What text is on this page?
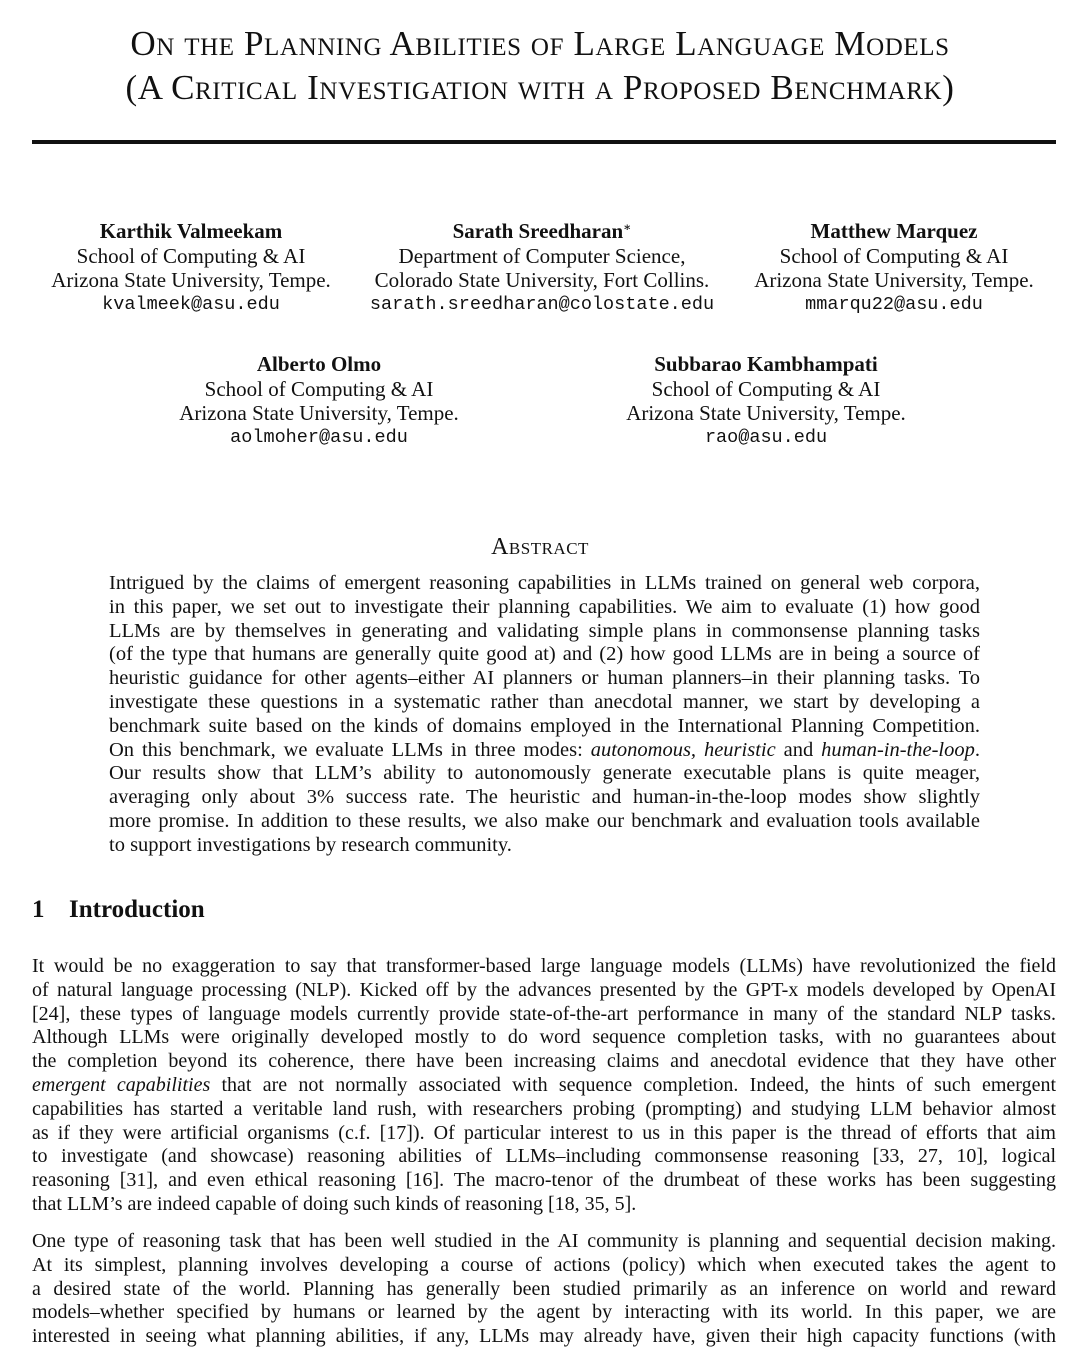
On the Planning Abilities of Large Language Models
(A Critical Investigation with a Proposed Benchmark)
Karthik Valmeekam
School of Computing & AI
Arizona State University, Tempe.
kvalmeek@asu.edu
Sarath Sreedharan∗
Department of Computer Science,
Colorado State University, Fort Collins.
sarath.sreedharan@colostate.edu
Matthew Marquez
School of Computing & AI
Arizona State University, Tempe.
mmarqu22@asu.edu
Alberto Olmo
School of Computing & AI
Arizona State University, Tempe.
aolmoher@asu.edu
Subbarao Kambhampati
School of Computing & AI
Arizona State University, Tempe.
rao@asu.edu
Abstract
Intrigued by the claims of emergent reasoning capabilities in LLMs trained on general web corpora,
in this paper, we set out to investigate their planning capabilities. We aim to evaluate (1) how good
LLMs are by themselves in generating and validating simple plans in commonsense planning tasks
(of the type that humans are generally quite good at) and (2) how good LLMs are in being a source of
heuristic guidance for other agents–either AI planners or human planners–in their planning tasks. To
investigate these questions in a systematic rather than anecdotal manner, we start by developing a
benchmark suite based on the kinds of domains employed in the International Planning Competition.
On this benchmark, we evaluate LLMs in three modes: autonomous, heuristic and human-in-the-loop.
Our results show that LLM’s ability to autonomously generate executable plans is quite meager,
averaging only about 3% success rate. The heuristic and human-in-the-loop modes show slightly
more promise. In addition to these results, we also make our benchmark and evaluation tools available
to support investigations by research community.
1 Introduction
It would be no exaggeration to say that transformer-based large language models (LLMs) have revolutionized the field
of natural language processing (NLP). Kicked off by the advances presented by the GPT-x models developed by OpenAI
[24], these types of language models currently provide state-of-the-art performance in many of the standard NLP tasks.
Although LLMs were originally developed mostly to do word sequence completion tasks, with no guarantees about
the completion beyond its coherence, there have been increasing claims and anecdotal evidence that they have other
emergent capabilities that are not normally associated with sequence completion. Indeed, the hints of such emergent
capabilities has started a veritable land rush, with researchers probing (prompting) and studying LLM behavior almost
as if they were artificial organisms (c.f. [17]). Of particular interest to us in this paper is the thread of efforts that aim
to investigate (and showcase) reasoning abilities of LLMs–including commonsense reasoning [33, 27, 10], logical
reasoning [31], and even ethical reasoning [16]. The macro-tenor of the drumbeat of these works has been suggesting
that LLM’s are indeed capable of doing such kinds of reasoning [18, 35, 5].
One type of reasoning task that has been well studied in the AI community is planning and sequential decision making.
At its simplest, planning involves developing a course of actions (policy) which when executed takes the agent to
a desired state of the world. Planning has generally been studied primarily as an inference on world and reward
models–whether specified by humans or learned by the agent by interacting with its world. In this paper, we are
interested in seeing what planning abilities, if any, LLMs may already have, given their high capacity functions (with
